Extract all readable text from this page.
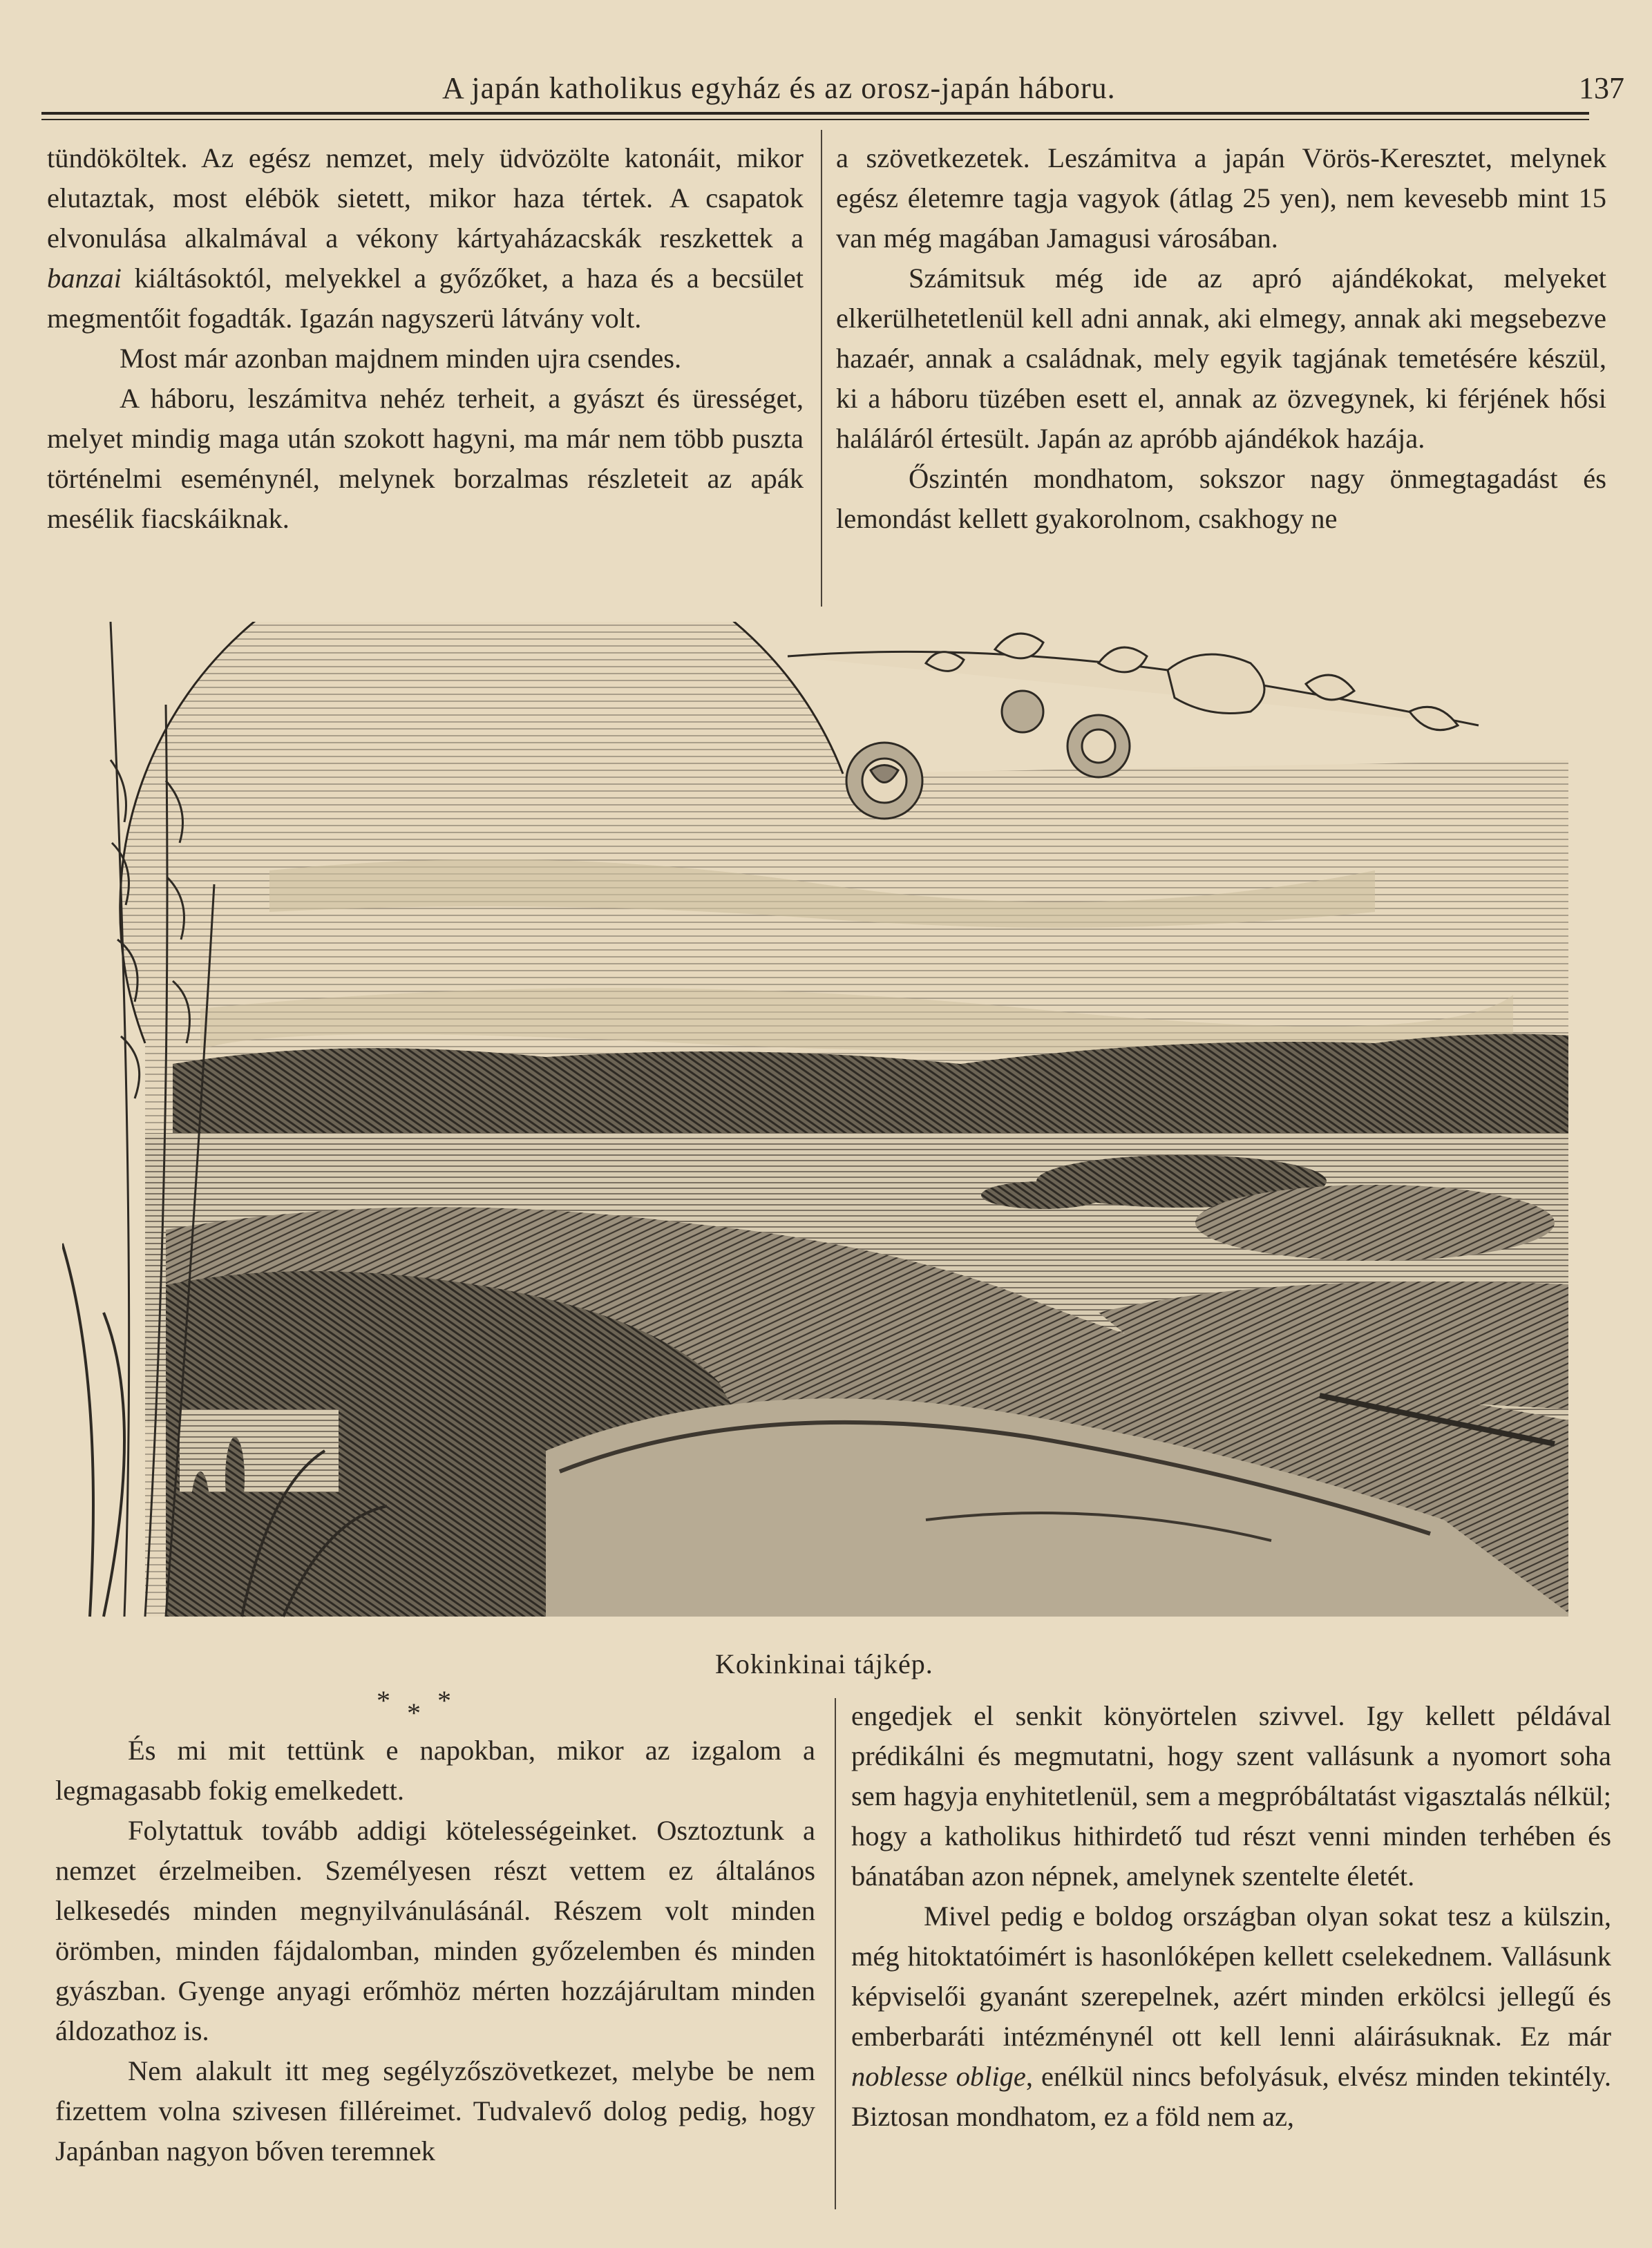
A japán katholikus egyház és az orosz-japán háboru.	137

tündököltek. Az egész nemzet, mely üdvözölte katonáit, mikor elutaztak, most elébök sietett, mikor haza tértek. A csapatok elvonulása alkalmával a vékony kártyaházacskák reszkettek a banzai kiáltásoktól, melyekkel a győzőket, a haza és a becsület megmentőit fogadták. Igazán nagyszerü látvány volt.

Most már azonban majdnem minden ujra csendes.

A háboru, leszámitva nehéz terheit, a gyászt és ürességet, melyet mindig maga után szokott hagyni, ma már nem több puszta történelmi eseménynél, melynek borzalmas részleteit az apák mesélik fiacskáiknak.

a szövetkezetek. Leszámitva a japán Vörös-Keresztet, melynek egész életemre tagja vagyok (átlag 25 yen), nem kevesebb mint 15 van még magában Jamagusi városában.

Számitsuk még ide az apró ajándékokat, melyeket elkerülhetetlenül kell adni annak, aki elmegy, annak aki megsebezve hazaér, annak a családnak, mely egyik tagjának temetésére készül, ki a háboru tüzében esett el, annak az özvegynek, ki férjének hősi haláláról értesült. Japán az apróbb ajándékok hazája.

Őszintén mondhatom, sokszor nagy önmegtagadást és lemondást kellett gyakorolnom, csakhogy ne

Kokinkinai tájkép.
***

És mi mit tettünk e napokban, mikor az izgalom a legmagasabb fokig emelkedett.

Folytattuk tovább addigi kötelességeinket. Osztoztunk a nemzet érzelmeiben. Személyesen részt vettem ez általános lelkesedés minden megnyilvánulásánál. Részem volt minden örömben, minden fájdalomban, minden győzelemben és minden gyászban. Gyenge anyagi erőmhöz mérten hozzájárultam minden áldozathoz is.

Nem alakult itt meg segélyzőszövetkezet, melybe be nem fizettem volna szivesen filléreimet. Tudvalevő dolog pedig, hogy Japánban nagyon bőven teremnek

engedjek el senkit könyörtelen szivvel. Igy kellett példával prédikálni és megmutatni, hogy szent vallásunk a nyomort soha sem hagyja enyhitetlenül, sem a megpróbáltatást vigasztalás nélkül; hogy a katholikus hithirdető tud részt venni minden terhében és bánatában azon népnek, amelynek szentelte életét.

Mivel pedig e boldog országban olyan sokat tesz a külszin, még hitoktatóimért is hasonlóképen kellett cselekednem. Vallásunk képviselői gyanánt szerepelnek, azért minden erkölcsi jellegű és emberbaráti intézménynél ott kell lenni aláirásuknak. Ez már noblesse oblige, enélkül nincs befolyásuk, elvész minden tekintély. Biztosan mondhatom, ez a föld nem az,
